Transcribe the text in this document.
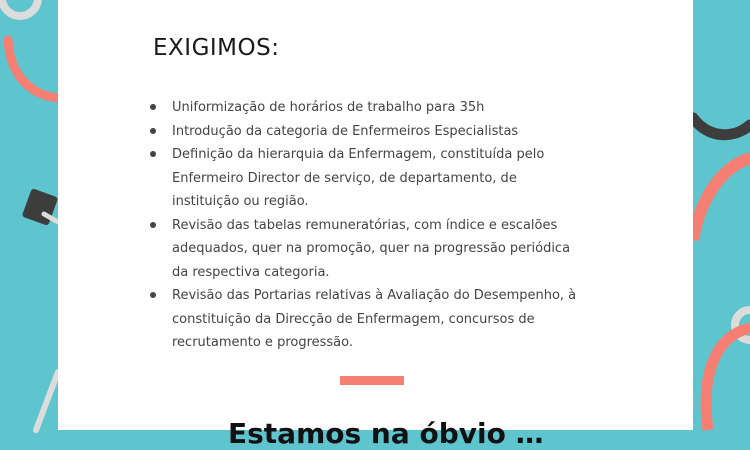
EXIGIMOS:
Uniformização de horários de trabalho para 35h
Introdução da categoria de Enfermeiros Especialistas
Definição da hierarquia da Enfermagem, constituída pelo Enfermeiro Director de serviço, de departamento, de instituição ou região.
Revisão das tabelas remuneratórias, com índice e escalões adequados, quer na promoção, quer na progressão periódica da respectiva categoria.
Revisão das Portarias relativas à Avaliação do Desempenho, à constituição da Direcção de Enfermagem, concursos de recrutamento e progressão.
Estamos na óbvio …
